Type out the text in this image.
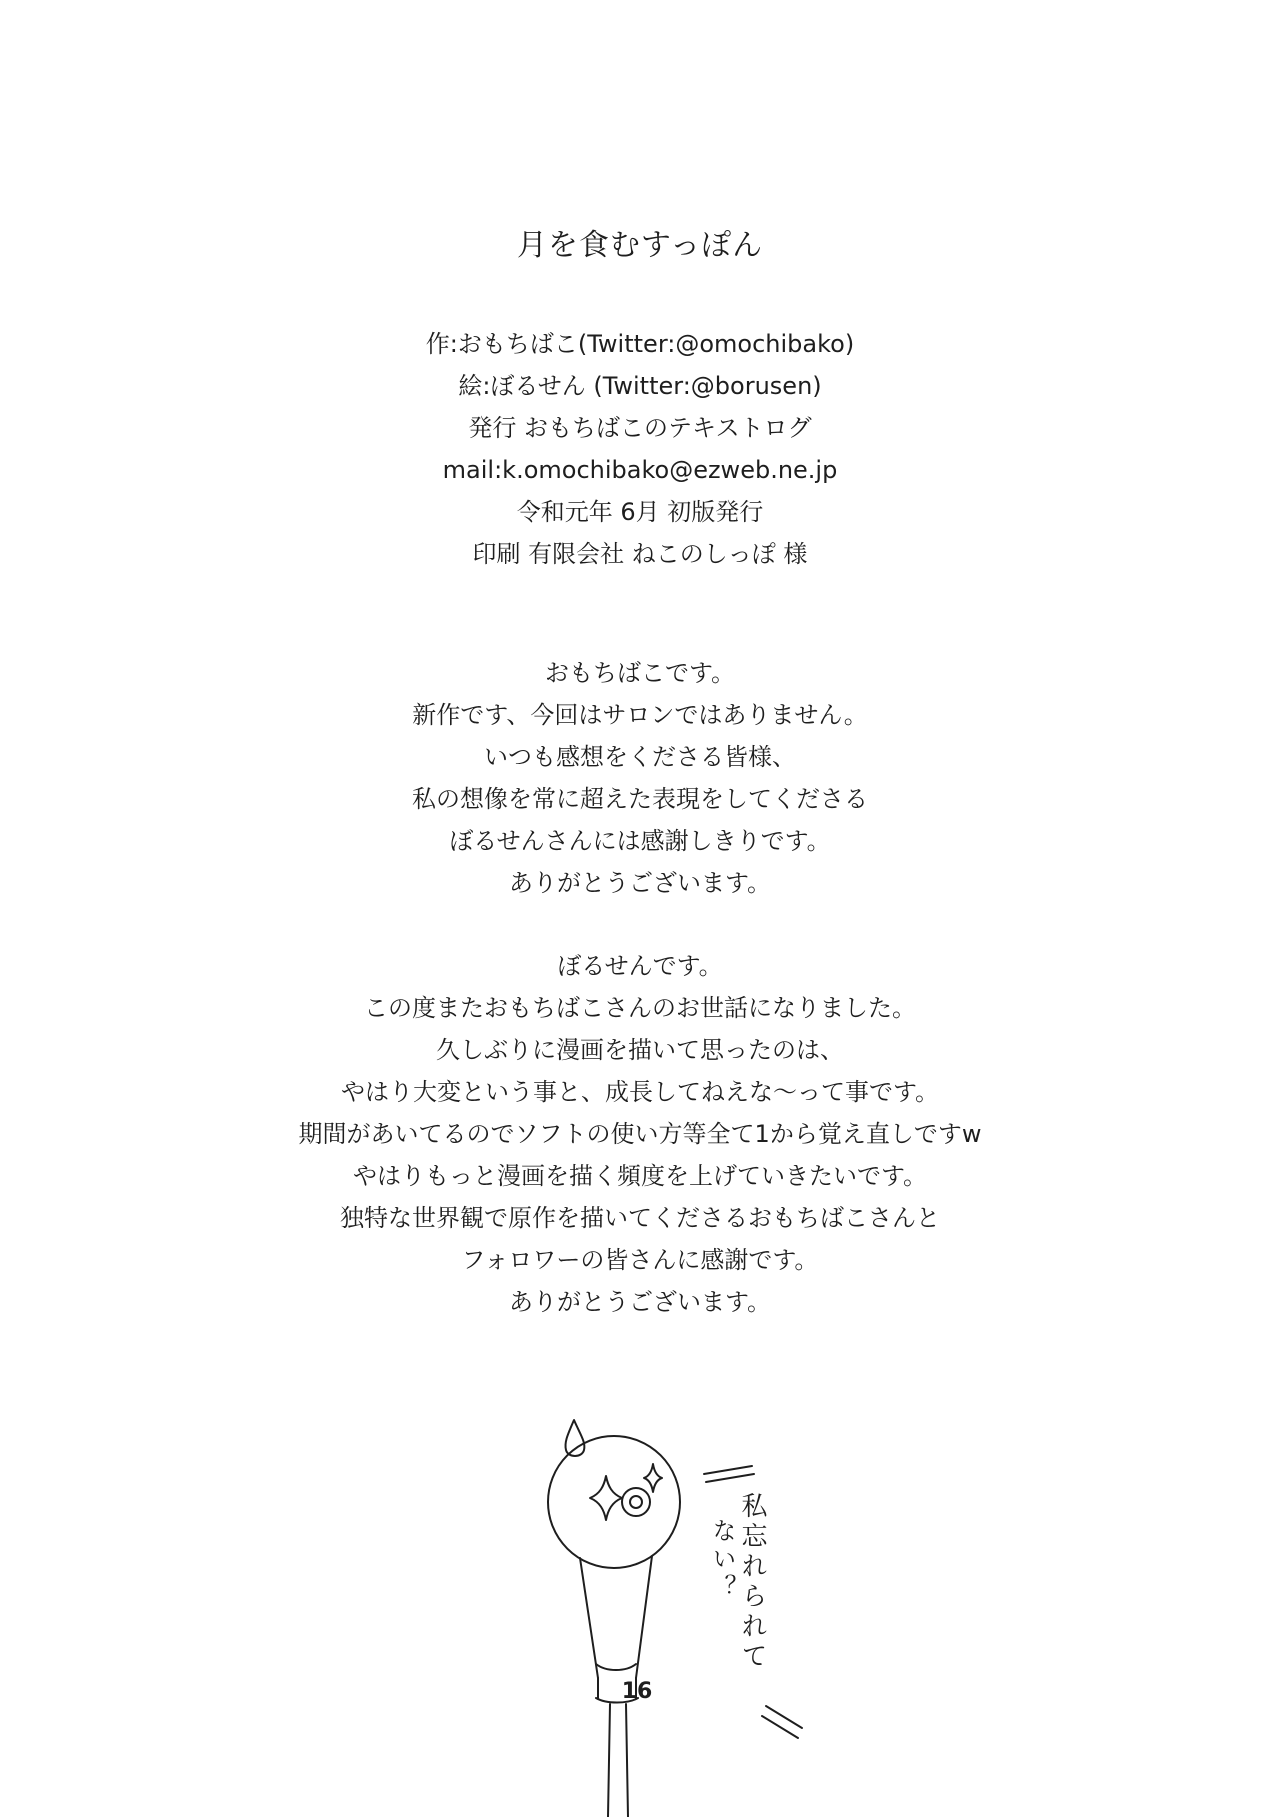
月を食むすっぽん
作:おもちばこ(Twitter:@omochibako)
絵:ぼるせん (Twitter:@borusen)
発行 おもちばこのテキストログ
mail:k.omochibako@ezweb.ne.jp
令和元年 6月 初版発行
印刷 有限会社 ねこのしっぽ 様
おもちばこです。
新作です、今回はサロンではありません。
いつも感想をくださる皆様、
私の想像を常に超えた表現をしてくださる
ぼるせんさんには感謝しきりです。
ありがとうございます。
ぼるせんです。
この度またおもちばこさんのお世話になりました。
久しぶりに漫画を描いて思ったのは、
やはり大変という事と、成長してねえな～って事です。
期間があいてるのでソフトの使い方等全て1から覚え直しですw
やはりもっと漫画を描く頻度を上げていきたいです。
独特な世界観で原作を描いてくださるおもちばこさんと
フォロワーの皆さんに感謝です。
ありがとうございます。
私忘れられて
ない？
16
